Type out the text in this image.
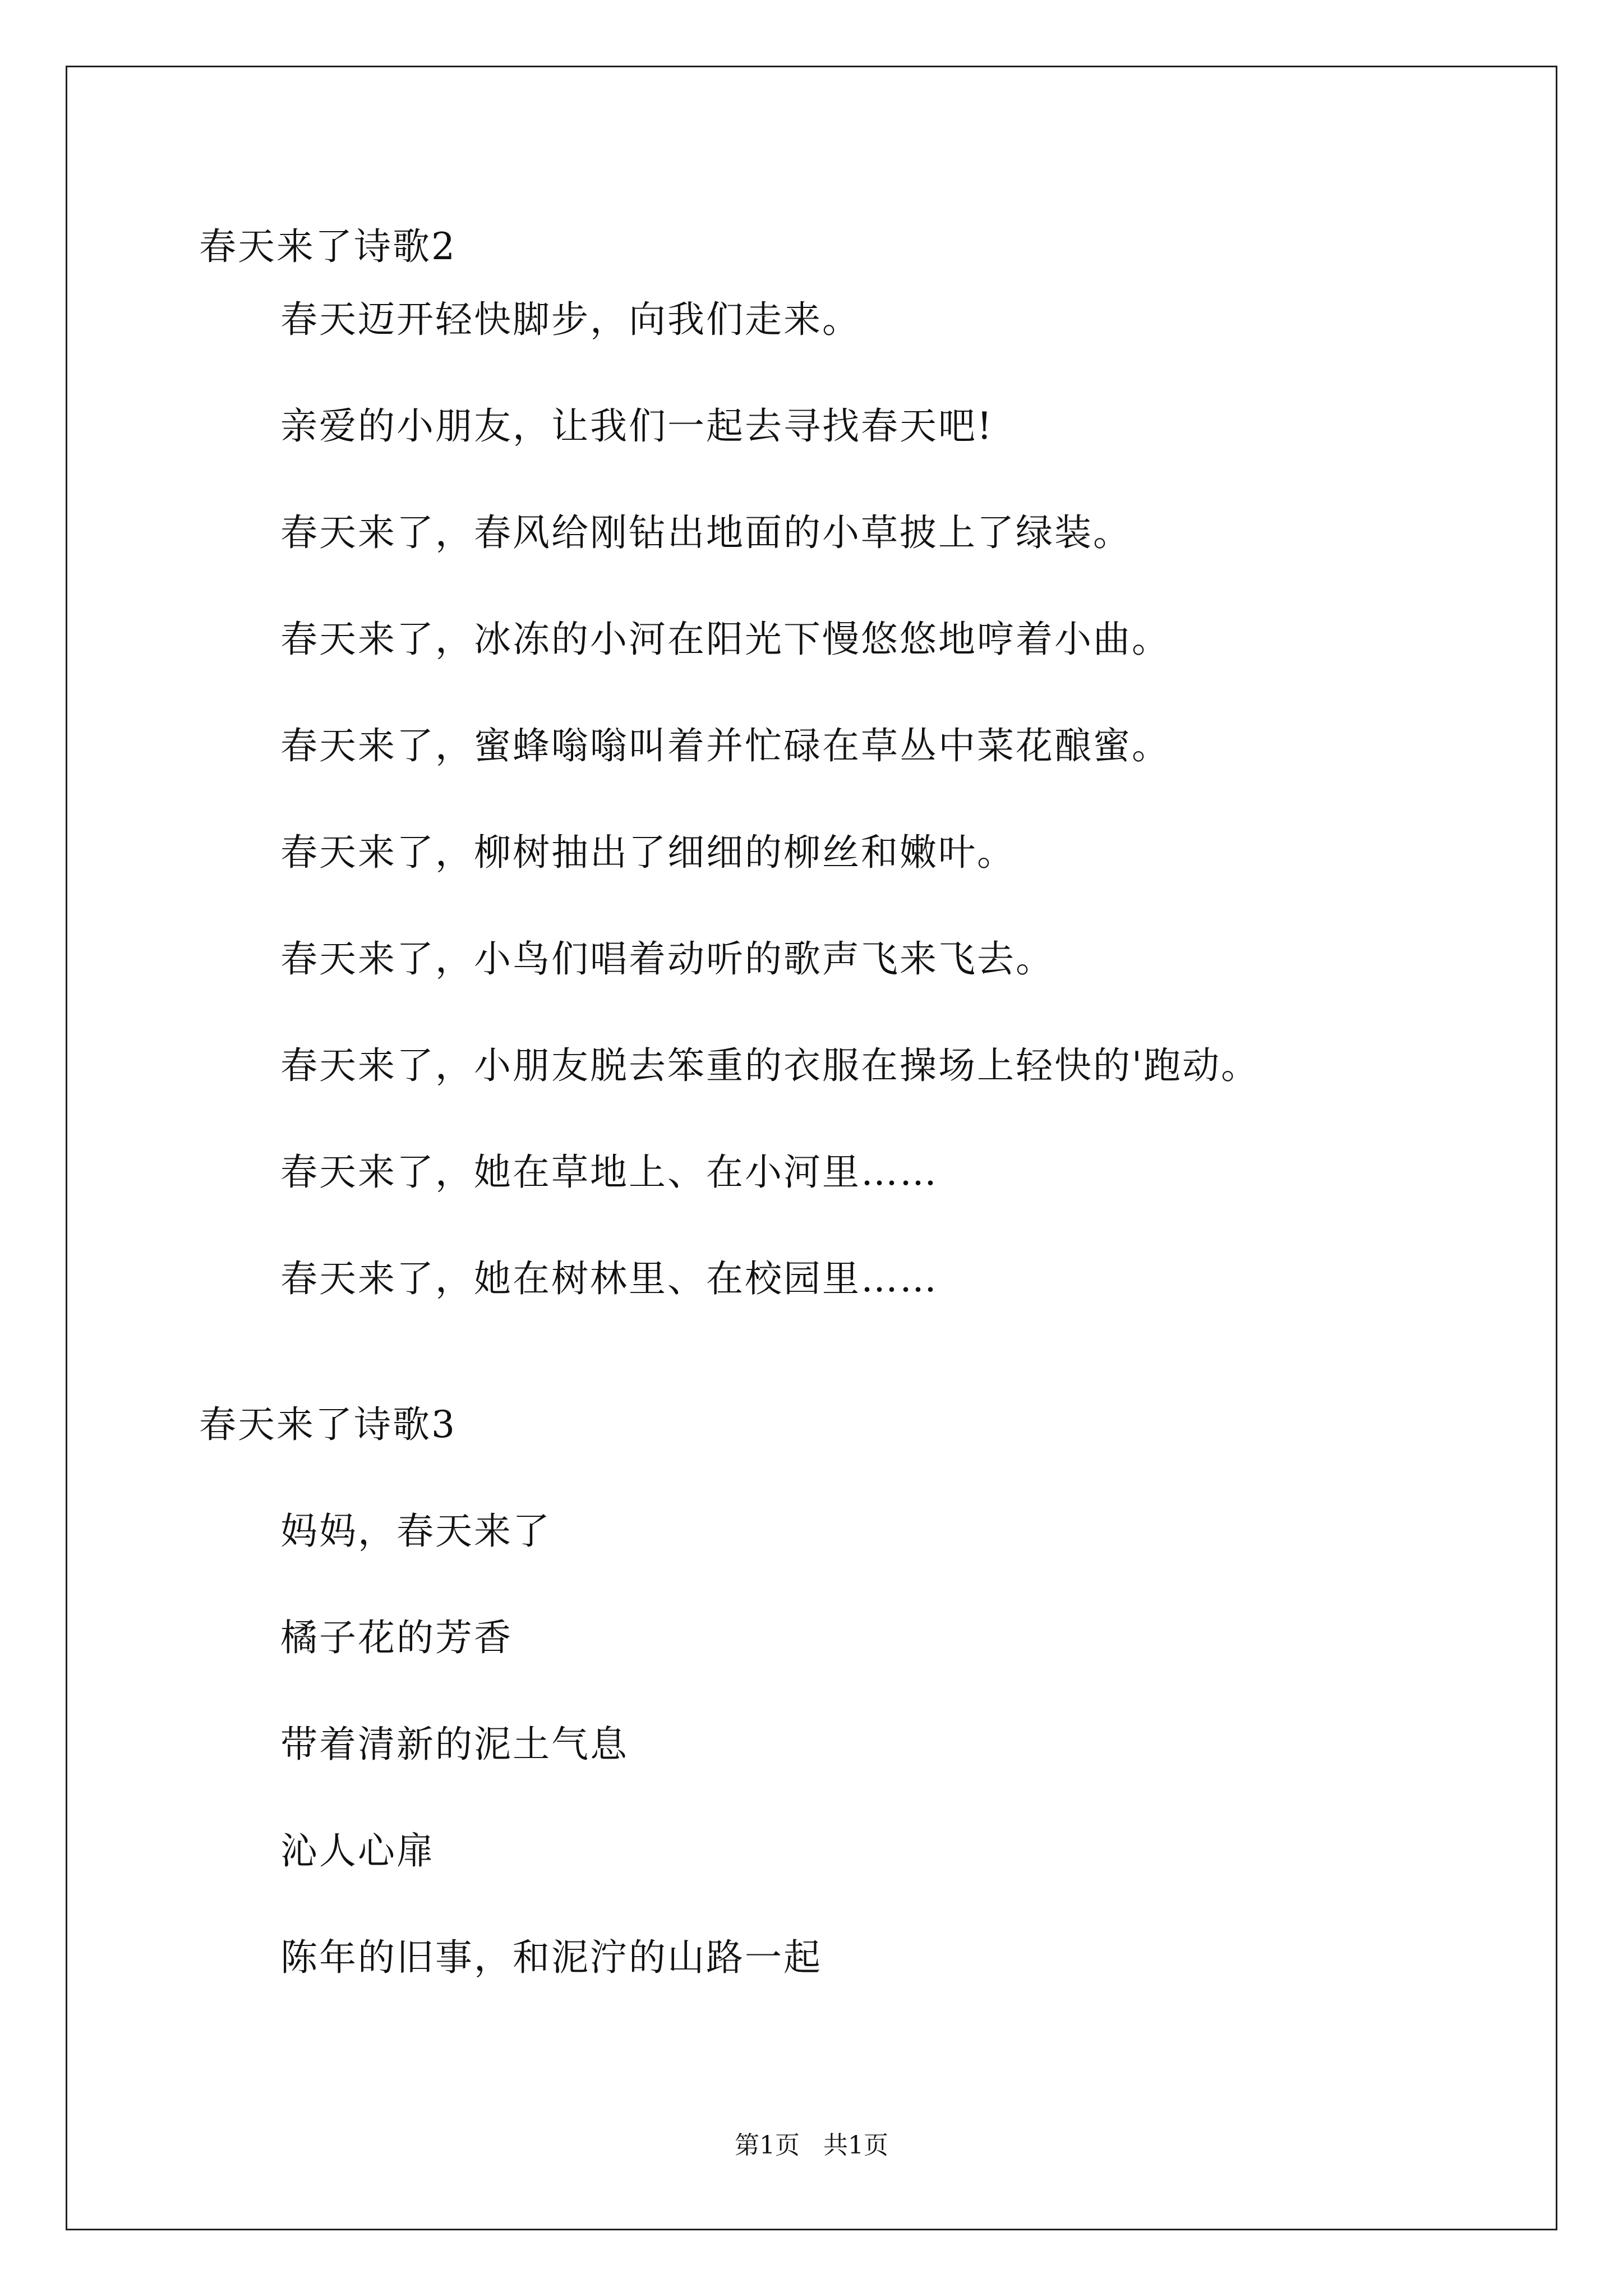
春天来了诗歌2
春天迈开轻快脚步，向我们走来。
亲爱的小朋友，让我们一起去寻找春天吧!
春天来了，春风给刚钻出地面的小草披上了绿装。
春天来了，冰冻的小河在阳光下慢悠悠地哼着小曲。
春天来了，蜜蜂嗡嗡叫着并忙碌在草丛中菜花酿蜜。
春天来了，柳树抽出了细细的柳丝和嫩叶。
春天来了，小鸟们唱着动听的歌声飞来飞去。
春天来了，小朋友脱去笨重的衣服在操场上轻快的'跑动。
春天来了，她在草地上、在小河里……
春天来了，她在树林里、在校园里……
春天来了诗歌3
妈妈，春天来了
橘子花的芳香
带着清新的泥土气息
沁人心扉
陈年的旧事，和泥泞的山路一起
第1页   共1页
